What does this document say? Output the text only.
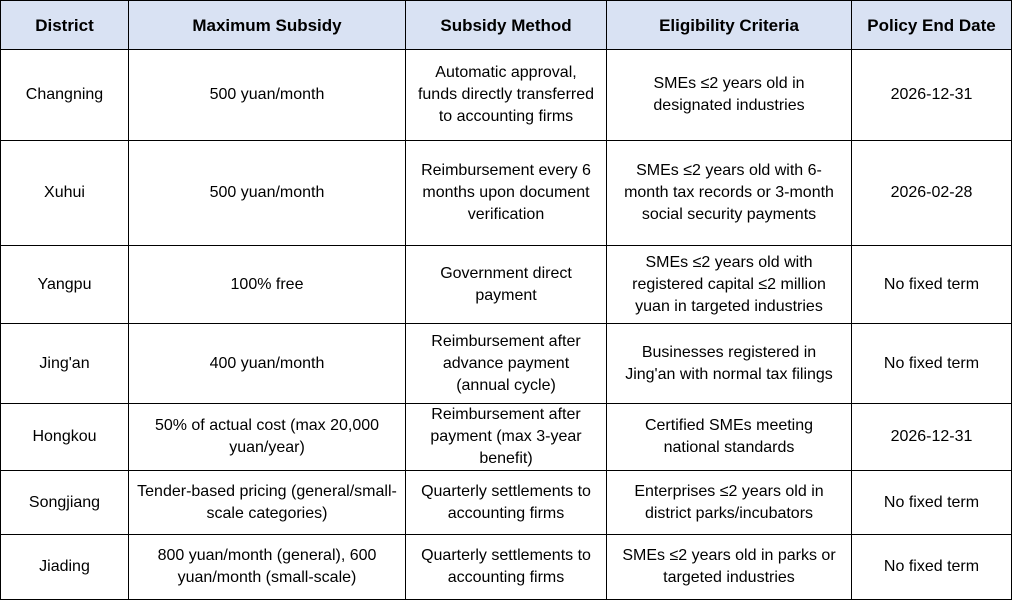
District	Maximum Subsidy	Subsidy Method	Eligibility Criteria	Policy End Date
Changning	500 yuan/month	Automatic approval, funds directly transferred to accounting firms	SMEs ≤2 years old in designated industries	2026-12-31
Xuhui	500 yuan/month	Reimbursement every 6 months upon document verification	SMEs ≤2 years old with 6-month tax records or 3-month social security payments	2026-02-28
Yangpu	100% free	Government direct payment	SMEs ≤2 years old with registered capital ≤2 million yuan in targeted industries	No fixed term
Jing'an	400 yuan/month	Reimbursement after advance payment (annual cycle)	Businesses registered in Jing'an with normal tax filings	No fixed term
Hongkou	50% of actual cost (max 20,000 yuan/year)	Reimbursement after payment (max 3-year benefit)	Certified SMEs meeting national standards	2026-12-31
Songjiang	Tender-based pricing (general/small-scale categories)	Quarterly settlements to accounting firms	Enterprises ≤2 years old in district parks/incubators	No fixed term
Jiading	800 yuan/month (general), 600 yuan/month (small-scale)	Quarterly settlements to accounting firms	SMEs ≤2 years old in parks or targeted industries	No fixed term
